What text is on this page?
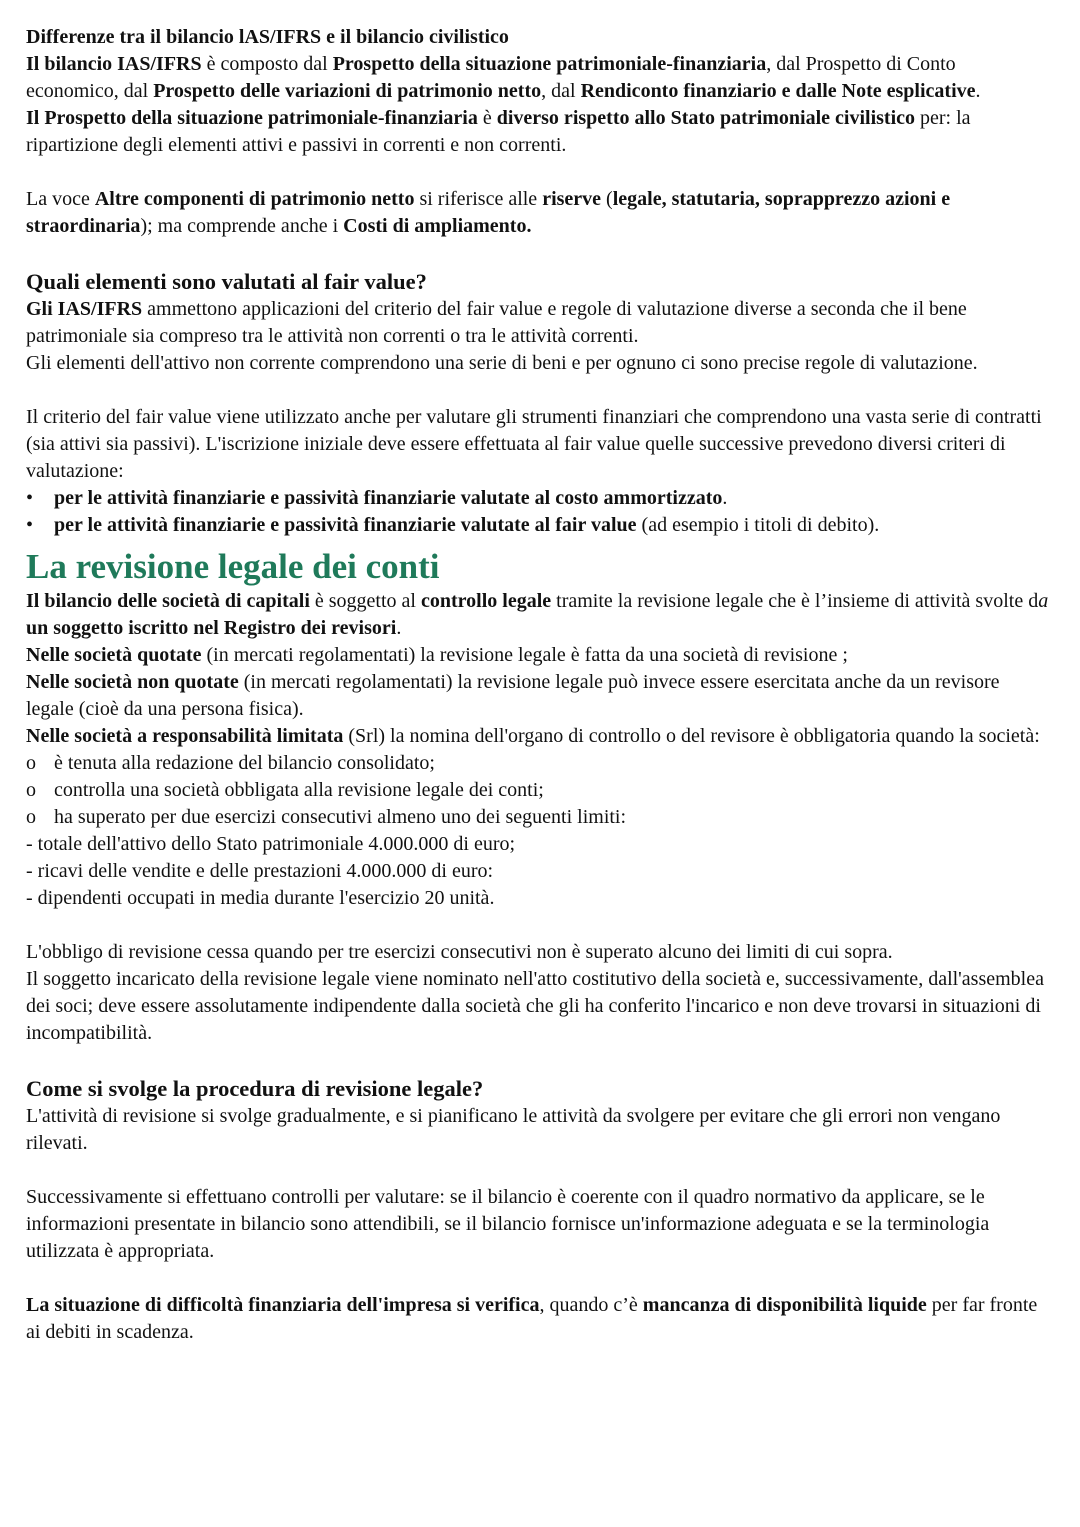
Differenze tra il bilancio lAS/IFRS e il bilancio civilistico

Il bilancio IAS/IFRS è composto dal Prospetto della situazione patrimoniale-finanziaria, dal Prospetto di Conto economico, dal Prospetto delle variazioni di patrimonio netto, dal Rendiconto finanziario e dalle Note esplicative.

Il Prospetto della situazione patrimoniale-finanziaria è diverso rispetto allo Stato patrimoniale civilistico per: la ripartizione degli elementi attivi e passivi in correnti e non correnti.

La voce Altre componenti di patrimonio netto si riferisce alle riserve (legale, statutaria, soprapprezzo azioni e straordinaria); ma comprende anche i Costi di ampliamento.

Quali elementi sono valutati al fair value?

Gli IAS/IFRS ammettono applicazioni del criterio del fair value e regole di valutazione diverse a seconda che il bene patrimoniale sia compreso tra le attività non correnti o tra le attività correnti.

Gli elementi dell'attivo non corrente comprendono una serie di beni e per ognuno ci sono precise regole di valutazione.

Il criterio del fair value viene utilizzato anche per valutare gli strumenti finanziari che comprendono una vasta serie di contratti (sia attivi sia passivi). L'iscrizione iniziale deve essere effettuata al fair value quelle successive prevedono diversi criteri di valutazione:

• per le attività finanziarie e passività finanziarie valutate al costo ammortizzato.
• per le attività finanziarie e passività finanziarie valutate al fair value (ad esempio i titoli di debito).

La revisione legale dei conti

Il bilancio delle società di capitali è soggetto al controllo legale tramite la revisione legale che è l’insieme di attività svolte da un soggetto iscritto nel Registro dei revisori.

Nelle società quotate (in mercati regolamentati) la revisione legale è fatta da una società di revisione ;

Nelle società non quotate (in mercati regolamentati) la revisione legale può invece essere esercitata anche da un revisore legale (cioè da una persona fisica).

Nelle società a responsabilità limitata (Srl) la nomina dell'organo di controllo o del revisore è obbligatoria quando la società:

o è tenuta alla redazione del bilancio consolidato;
o controlla una società obbligata alla revisione legale dei conti;
o ha superato per due esercizi consecutivi almeno uno dei seguenti limiti:

- totale dell'attivo dello Stato patrimoniale 4.000.000 di euro;

- ricavi delle vendite e delle prestazioni 4.000.000 di euro:

- dipendenti occupati in media durante l'esercizio 20 unità.

L'obbligo di revisione cessa quando per tre esercizi consecutivi non è superato alcuno dei limiti di cui sopra.

Il soggetto incaricato della revisione legale viene nominato nell'atto costitutivo della società e, successivamente, dall'assemblea dei soci; deve essere assolutamente indipendente dalla società che gli ha conferito l'incarico e non deve trovarsi in situazioni di incompatibilità.

Come si svolge la procedura di revisione legale?

L'attività di revisione si svolge gradualmente, e si pianificano le attività da svolgere per evitare che gli errori non vengano rilevati.

Successivamente si effettuano controlli per valutare: se il bilancio è coerente con il quadro normativo da applicare, se le informazioni presentate in bilancio sono attendibili, se il bilancio fornisce un'informazione adeguata e se la terminologia utilizzata è appropriata.

La situazione di difficoltà finanziaria dell'impresa si verifica, quando c’è mancanza di disponibilità liquide per far fronte ai debiti in scadenza.
